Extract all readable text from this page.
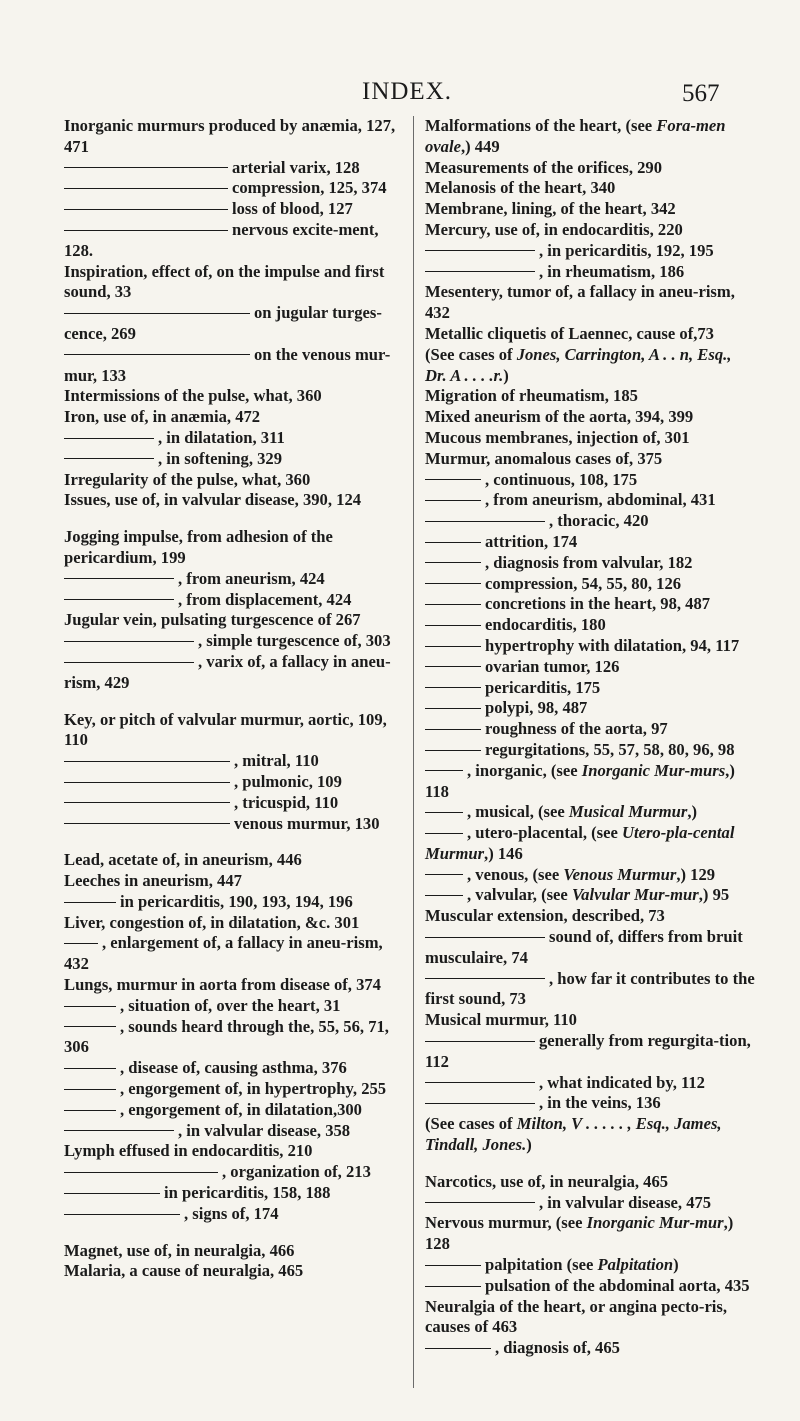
INDEX.	567
Inorganic murmurs produced by anæmia, 127, 471
arterial varix, 128
compression, 125, 374
loss of blood, 127
nervous excite-ment, 128.
Inspiration, effect of, on the impulse and first sound, 33
on jugular turges-cence, 269
on the venous mur-mur, 133
Intermissions of the pulse, what, 360
Iron, use of, in anæmia, 472
, in dilatation, 311
, in softening, 329
Irregularity of the pulse, what, 360
Issues, use of, in valvular disease, 390, 124
Jogging impulse, from adhesion of the pericardium, 199
, from aneurism, 424
, from displacement, 424
Jugular vein, pulsating turgescence of 267
, simple turgescence of, 303
, varix of, a fallacy in aneu-rism, 429
Key, or pitch of valvular murmur, aortic, 109, 110
, mitral, 110
, pulmonic, 109
, tricuspid, 110
venous murmur, 130
Lead, acetate of, in aneurism, 446
Leeches in aneurism, 447
in pericarditis, 190, 193, 194, 196
Liver, congestion of, in dilatation, &c. 301
, enlargement of, a fallacy in aneu-rism, 432
Lungs, murmur in aorta from disease of, 374
, situation of, over the heart, 31
, sounds heard through the, 55, 56, 71, 306
, disease of, causing asthma, 376
, engorgement of, in hypertrophy, 255
, engorgement of, in dilatation,300
, in valvular disease, 358
Lymph effused in endocarditis, 210
, organization of, 213
in pericarditis, 158, 188
, signs of, 174
Magnet, use of, in neuralgia, 466
Malaria, a cause of neuralgia, 465
Malformations of the heart, (see Fora-men ovale,) 449
Measurements of the orifices, 290
Melanosis of the heart, 340
Membrane, lining, of the heart, 342
Mercury, use of, in endocarditis, 220
, in pericarditis, 192, 195
, in rheumatism, 186
Mesentery, tumor of, a fallacy in aneu-rism, 432
Metallic cliquetis of Laennec, cause of,73
(See cases of Jones, Carrington, A . . n, Esq., Dr. A . . . .r.)
Migration of rheumatism, 185
Mixed aneurism of the aorta, 394, 399
Mucous membranes, injection of, 301
Murmur, anomalous cases of, 375
, continuous, 108, 175
, from aneurism, abdominal, 431
, thoracic, 420
attrition, 174
, diagnosis from valvular, 182
compression, 54, 55, 80, 126
concretions in the heart, 98, 487
endocarditis, 180
hypertrophy with dilatation, 94, 117
ovarian tumor, 126
pericarditis, 175
polypi, 98, 487
roughness of the aorta, 97
regurgitations, 55, 57, 58, 80, 96, 98
, inorganic, (see Inorganic Mur-murs,) 118
, musical, (see Musical Murmur,)
, utero-placental, (see Utero-pla-cental Murmur,) 146
, venous, (see Venous Murmur,) 129
, valvular, (see Valvular Mur-mur,) 95
Muscular extension, described, 73
sound of, differs from bruit musculaire, 74
, how far it contributes to the first sound, 73
Musical murmur, 110
generally from regurgita-tion, 112
, what indicated by, 112
, in the veins, 136
(See cases of Milton, V . . . . . , Esq., James, Tindall, Jones.)
Narcotics, use of, in neuralgia, 465
, in valvular disease, 475
Nervous murmur, (see Inorganic Mur-mur,) 128
palpitation (see Palpitation)
pulsation of the abdominal aorta, 435
Neuralgia of the heart, or angina pecto-ris, causes of 463
, diagnosis of, 465
